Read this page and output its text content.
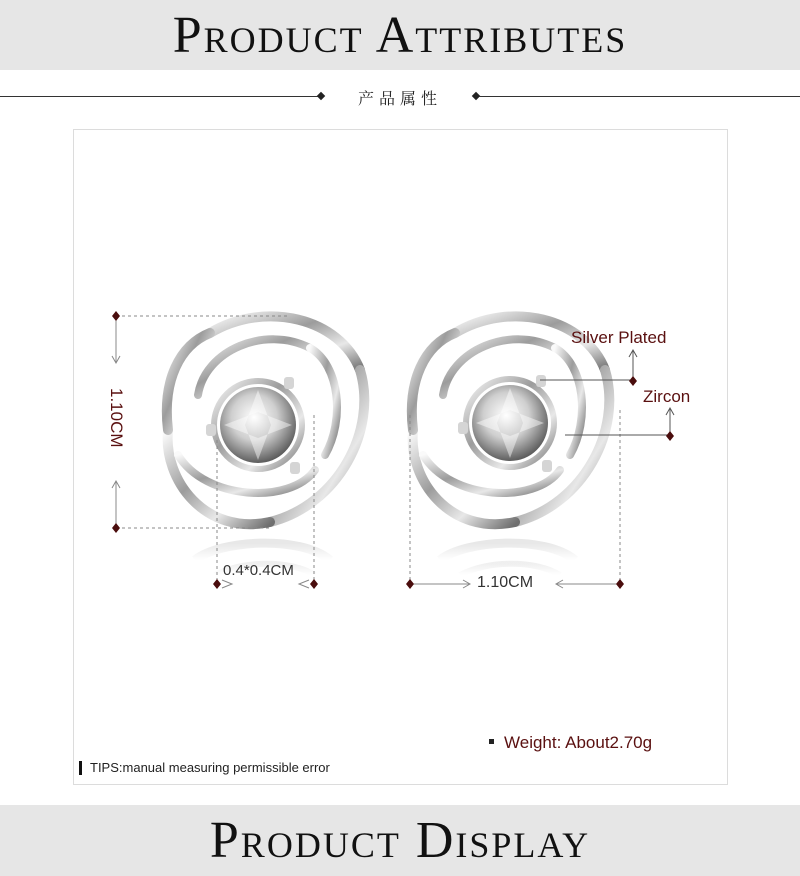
Product Attributes
产品属性
1.10CM
0.4*0.4CM
1.10CM
Silver Plated
Zircon
Weight: About2.70g
TIPS:manual measuring permissible error
Product Display
